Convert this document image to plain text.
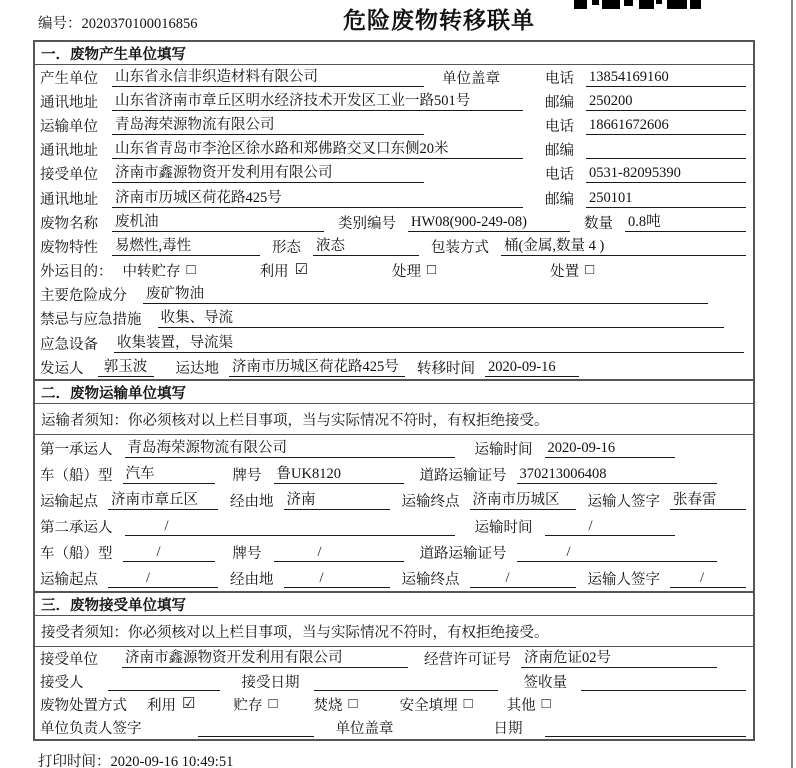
编号：2020370100016856	危险废物转移联单
一．废物产生单位填写
产生单位 山东省永信非织造材料有限公司	单位盖章	电话 13854169160
通讯地址 山东省济南市章丘区明水经济技术开发区工业一路501号	邮编 250200
运输单位 青岛海荣源物流有限公司	电话 18661672606
通讯地址 山东省青岛市李沧区徐水路和郑佛路交叉口东侧20米	邮编
接受单位 济南市鑫源物资开发利用有限公司	电话 0531-82095390
通讯地址 济南市历城区荷花路425号	邮编 250101
废物名称 废机油	类别编号 HW08(900-249-08)	数量 0.8吨
废物特性 易燃性,毒性	形态 液态	包装方式 桶(金属,数量 4 )
外运目的： 中转贮存 □	利用 ☑	处理 □	处置 □
主要危险成分 废矿物油
禁忌与应急措施 收集、导流
应急设备 收集装置，导流渠
发运人	郭玉波	运达地 济南市历城区荷花路425号	转移时间 2020-09-16
二．废物运输单位填写
运输者须知： 你必须核对以上栏目事项，当与实际情况不符时，有权拒绝接受。
第一承运人 青岛海荣源物流有限公司	运输时间 2020-09-16
车（船）型 汽车	牌号 鲁UK8120	道路运输证号 370213006408
运输起点 济南市章丘区	经由地 济南	运输终点 济南市历城区	运输人签字 张春雷
第二承运人	/	运输时间	/
车（船）型	/	牌号	/	道路运输证号	/
运输起点	/	经由地	/	运输终点	/	运输人签字	/
三．废物接受单位填写
接受者须知： 你必须核对以上栏目事项，当与实际情况不符时，有权拒绝接受。
接受单位 济南市鑫源物资开发利用有限公司	经营许可证号 济南危证02号
接受人	接受日期	签收量
废物处置方式 利用 ☑	贮存 □ 焚烧 □	安全填埋 □ 其他 □
单位负责人签字	单位盖章	日期
打印时间：2020-09-16 10:49:51
